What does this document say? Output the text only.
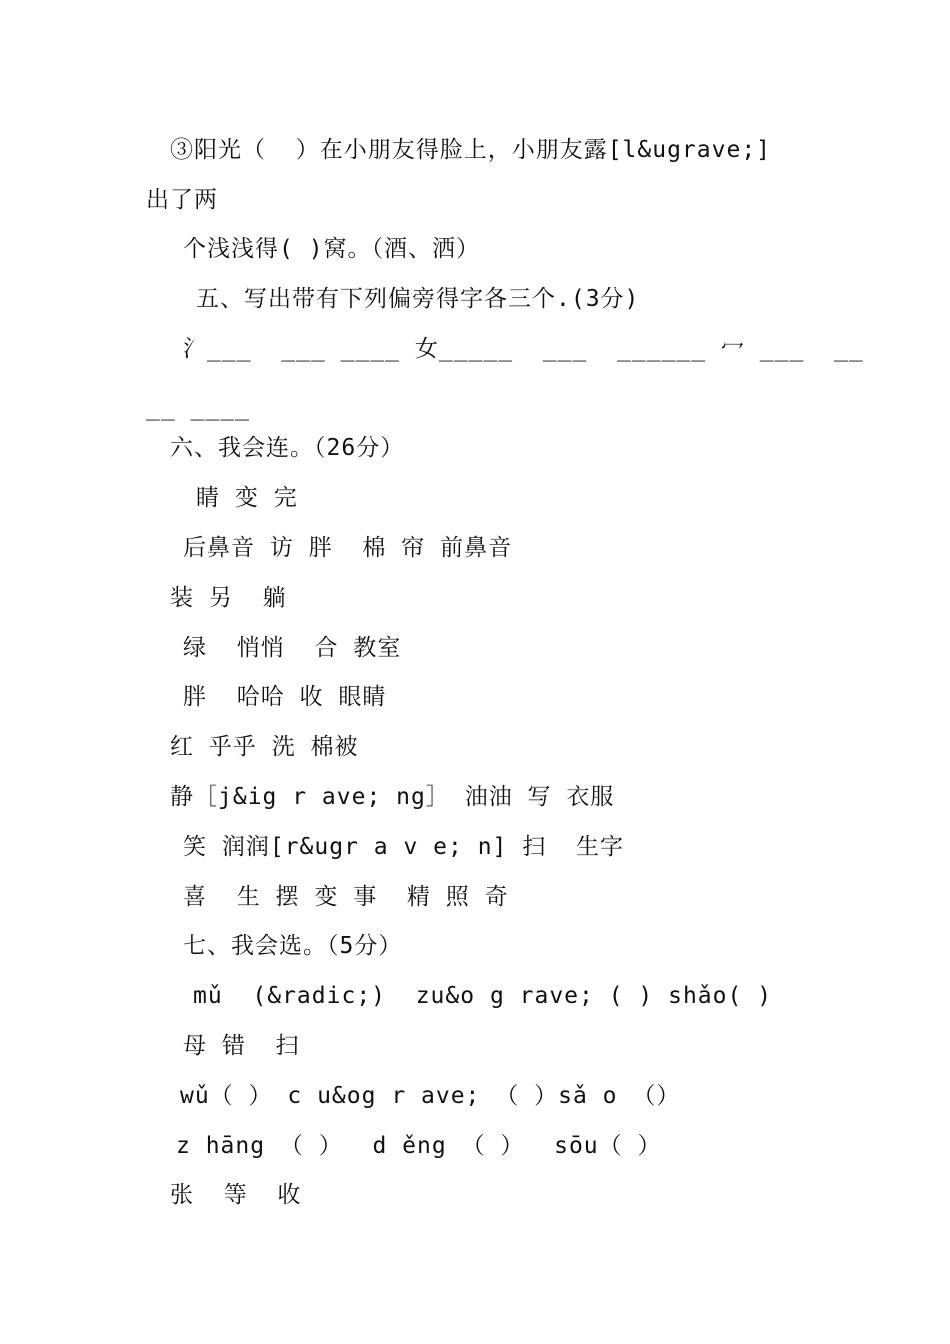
③阳光（  ）在小朋友得脸上，小朋友露[l&ugrave;]
出了两
个浅浅得( )窝。（酒、洒）
五、写出带有下列偏旁得字各三个.(3分)
氵___  ___ ____ 女_____  ___  ______ 冖 ___  __
__ ____
六、我会连。（26分）
睛 变 完
后鼻音 访 胖  棉 帘 前鼻音
装 另  躺
绿  悄悄  合 教室
胖  哈哈 收 眼睛
红 乎乎 洗 棉被
静［j&ig r ave; ng］ 油油 写 衣服
笑 润润[r&ugr a v e; n] 扫  生字
喜  生 摆 变 事  精 照 奇
七、我会选。（5分）
mǔ  (&radic;)  zu&o g rave; ( ) shǎo( )
母 错  扫
wǔ（ ） c u&og r ave; （ ）sǎ o （）
z hāng （ ）  d ěng （ ）  sōu（ ）
张  等  收
